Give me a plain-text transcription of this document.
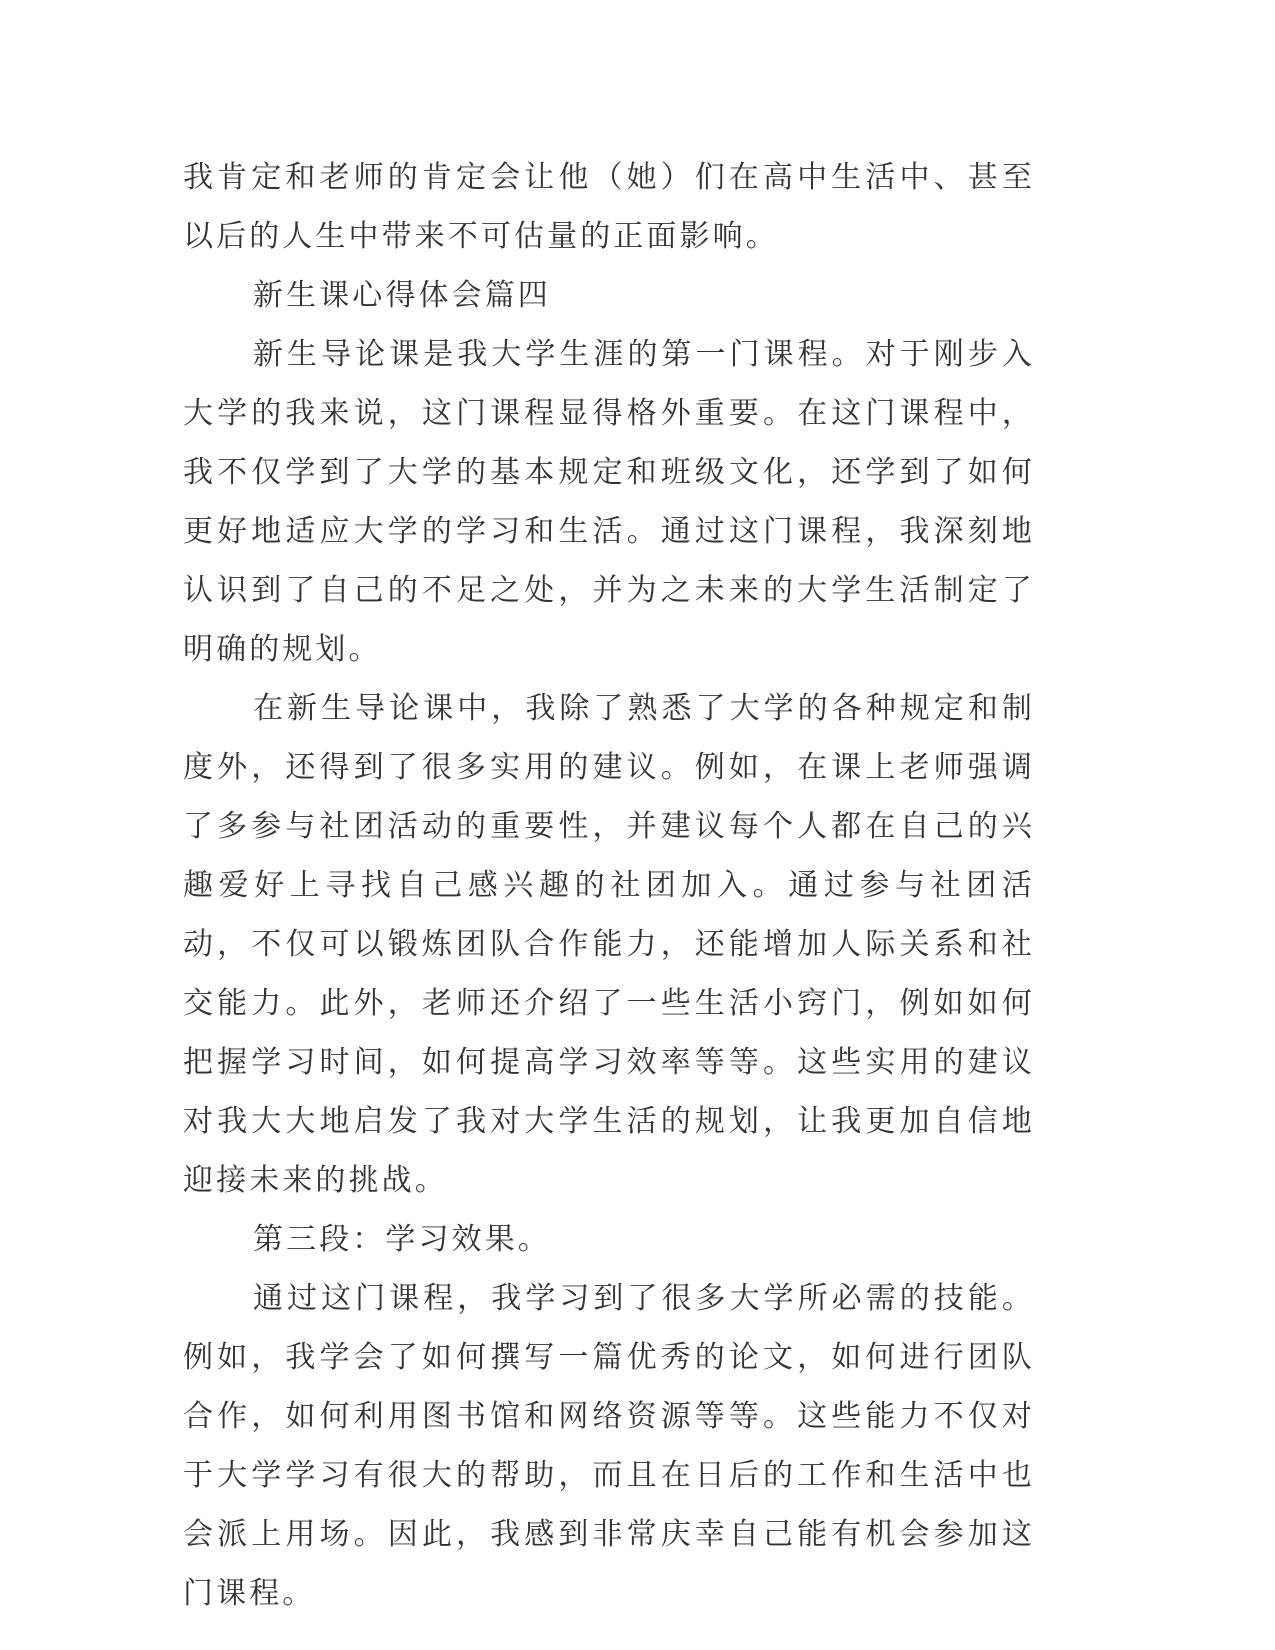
我肯定和老师的肯定会让他（她）们在高中生活中、甚至以后的人生中带来不可估量的正面影响。

新生课心得体会篇四

新生导论课是我大学生涯的第一门课程。对于刚步入大学的我来说，这门课程显得格外重要。在这门课程中，我不仅学到了大学的基本规定和班级文化，还学到了如何更好地适应大学的学习和生活。通过这门课程，我深刻地认识到了自己的不足之处，并为之未来的大学生活制定了明确的规划。

在新生导论课中，我除了熟悉了大学的各种规定和制度外，还得到了很多实用的建议。例如，在课上老师强调了多参与社团活动的重要性，并建议每个人都在自己的兴趣爱好上寻找自己感兴趣的社团加入。通过参与社团活动，不仅可以锻炼团队合作能力，还能增加人际关系和社交能力。此外，老师还介绍了一些生活小窍门，例如如何把握学习时间，如何提高学习效率等等。这些实用的建议对我大大地启发了我对大学生活的规划，让我更加自信地迎接未来的挑战。

第三段：学习效果。

通过这门课程，我学习到了很多大学所必需的技能。例如，我学会了如何撰写一篇优秀的论文，如何进行团队合作，如何利用图书馆和网络资源等等。这些能力不仅对于大学学习有很大的帮助，而且在日后的工作和生活中也会派上用场。因此，我感到非常庆幸自己能有机会参加这门课程。
